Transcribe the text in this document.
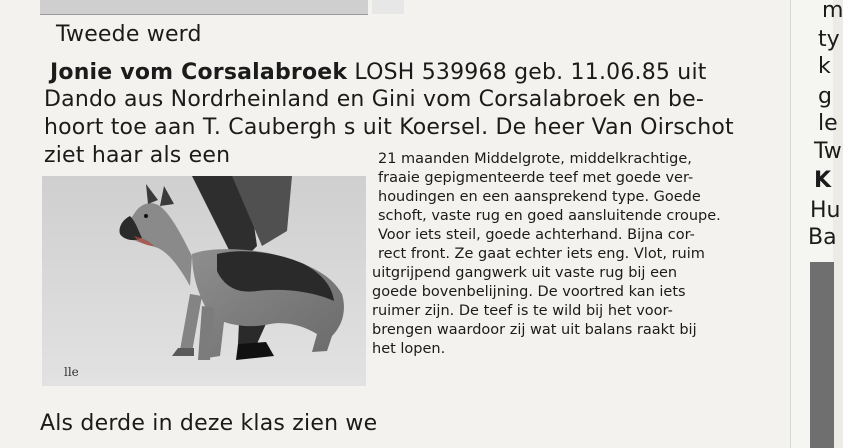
Tweede werd
Jonie vom Corsalabroek LOSH 539968 geb. 11.06.85 uit
Dando aus Nordrheinland en Gini vom Corsalabroek en be-
hoort toe aan T. Caubergh s uit Koersel. De heer Van Oirschot
ziet haar als een	21 maanden Middelgrote, middelkrachtige,
fraaie gepigmenteerde teef met goede ver-
houdingen en een aansprekend type. Goede
schoft, vaste rug en goed aansluitende croupe.
Voor iets steil, goede achterhand. Bijna cor-
rect front. Ze gaat echter iets eng. Vlot, ruim
uitgrijpend gangwerk uit vaste rug bij een
goede bovenbelijning. De voortred kan iets
ruimer zijn. De teef is te wild bij het voor-
brengen waardoor zij wat uit balans raakt bij
het lopen.
lle
Als derde in deze klas zien we
m
ty
k
g
le
Tw
K
Hu
Ba
